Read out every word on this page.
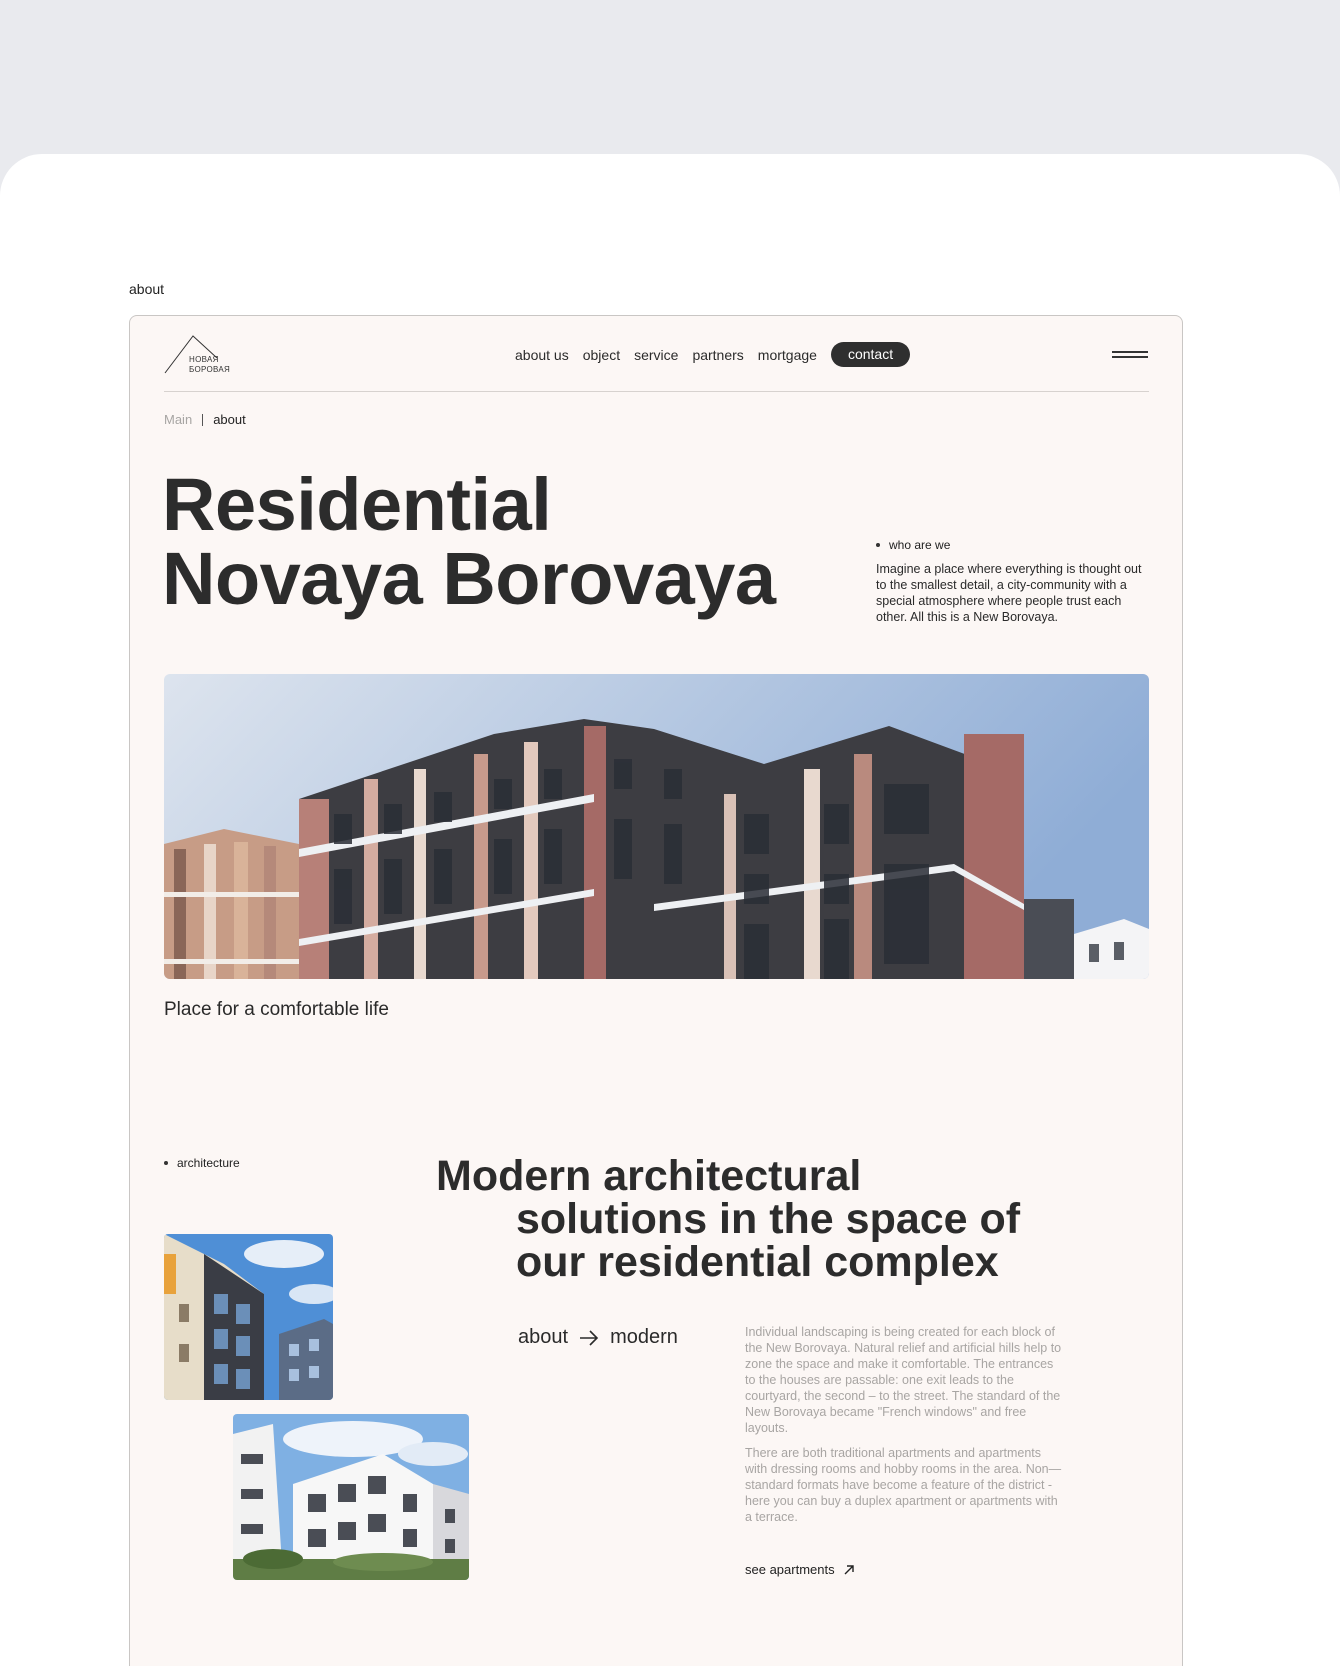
about
НОВАЯ
БОРОВАЯ
about us object service partners mortgage	contact
Main about
Residential
Novaya Borovaya	who are we

Imagine a place where everything is thought out to the smallest detail, a city-community with a special atmosphere where people trust each other. All this is a New Borovaya.

Place for a comfortable life

architecture	Modern architectural
solutions in the space of
our residential complex
about modern	Individual landscaping is being created for each block of the New Borovaya. Natural relief and artificial hills help to zone the space and make it comfortable. The entrances to the houses are passable: one exit leads to the courtyard, the second – to the street. The standard of the New Borovaya became "French windows" and free layouts.

There are both traditional apartments and apartments with dressing rooms and hobby rooms in the area. Non—standard formats have become a feature of the district - here you can buy a duplex apartment or apartments with a terrace.

see apartments
